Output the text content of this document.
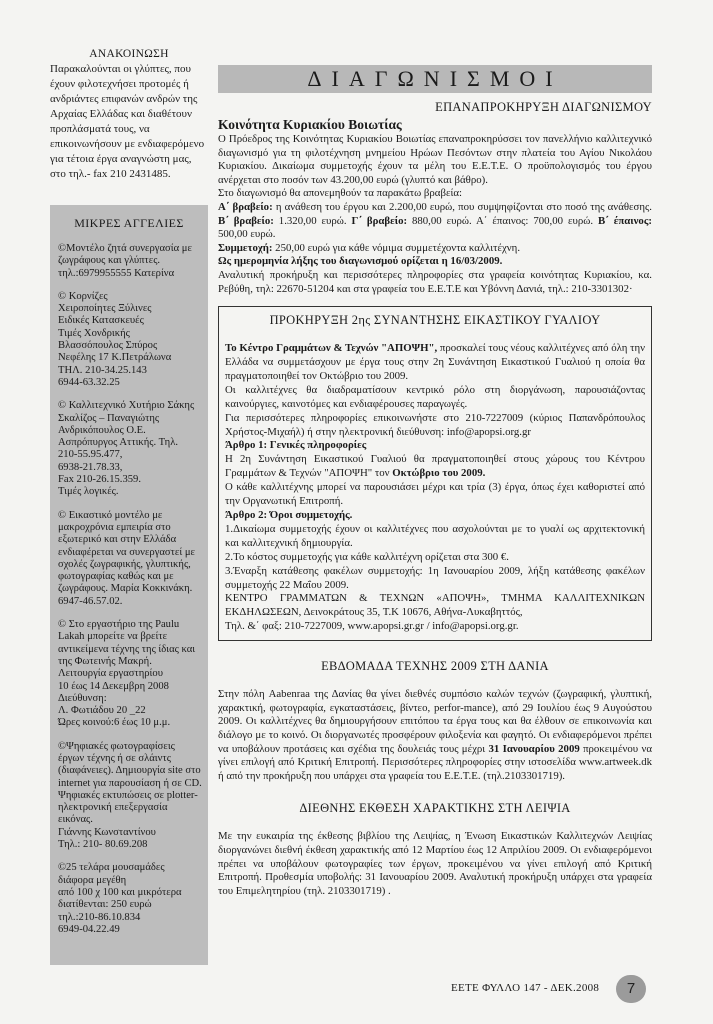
ΑΝΑΚΟΙΝΩΣΗ

Παρακαλούνται οι γλύπτες, που έχουν φιλοτεχνήσει προτομές ή ανδριάντες επιφανών ανδρών της Αρχαίας Ελλάδας και διαθέτουν προπλάσματά τους, να επικοινωνήσουν με ενδιαφερόμενο για τέτοια έργα αναγνώστη μας, στο τηλ.- fax 210 2431485.

ΜΙΚΡΕΣ ΑΓΓΕΛΙΕΣ

©Μοντέλο ζητά συνεργασία με ζωγράφους και γλύπτες. τηλ.:6979955555 Κατερίνα

© Κορνίζες

Χειροποίητες Ξύλινες

Ειδικές Κατασκευές

Τιμές Χονδρικής

Βλασσόπουλος Σπύρος

Νεφέλης 17 Κ.Πετράλωνα

ΤΗΛ. 210-34.25.143

6944-63.32.25

© Καλλιτεχνικό Χυτήριο Σάκης Σκαλίζος – Παναγιώτης Ανδρικόπουλος Ο.Ε.

Ασπρόπυργος Αττικής. Τηλ.

210-55.95.477,

6938-21.78.33,

Fax 210-26.15.359.

Τιμές λογικές.

© Εικαστικό μοντέλο με μακροχρόνια εμπειρία στο εξωτερικό και στην Ελλάδα ενδιαφέρεται να συνεργαστεί με σχολές ζωγραφικής, γλυπτικής, φωτογραφίας καθώς και με ζωγράφους. Μαρία Κοκκινάκη.

6947-46.57.02.

© Στο εργαστήριο της Paulu Lakah μπορείτε να βρείτε αντικείμενα τέχνης της ίδιας και της Φωτεινής Μακρή.

Λειτουργία εργαστηρίου

10 έως 14 Δεκεμβρη 2008

Διεύθυνση:

Λ. Φωτιάδου 20 _22

Ώρες κοινού:6 έως 10 μ.μ.

©Ψηφιακές φωτογραφίσεις έργων τέχνης ή σε σλάιντς (διαφάνειες). Δημιουργία site στο internet για παρουσίαση ή σε CD. Ψηφιακές εκτυπώσεις σε plotter- ηλεκτρονική επεξεργασία εικόνας.

Γιάννης Κωνσταντίνου

Τηλ.: 210- 80.69.208

©25 τελάρα μουσαμάδες διάφορα μεγέθη

από 100 χ 100 και μικρότερα διατίθενται: 250 ευρώ

τηλ.:210-86.10.834

6949-04.22.49

ΔΙΑΓΩΝΙΣΜΟΙ
ΕΠΑΝΑΠΡΟΚΗΡΥΞΗ ΔΙΑΓΩΝΙΣΜΟΥ
Κοινότητα Κυριακίου Βοιωτίας

Ο Πρόεδρος της Κοινότητας Κυριακίου Βοιωτίας επαναπροκηρύσσει τον πανελλήνιο καλλιτεχνικό διαγωνισμό για τη φιλοτέχνηση μνημείου Ηρώων Πεσόντων στην πλατεία του Αγίου Νικολάου Κυριακίου. Δικαίωμα συμμετοχής έχουν τα μέλη του Ε.Ε.Τ.Ε. Ο προϋπολογισμός του έργου ανέρχεται στο ποσόν των 43.200,00 ευρώ (γλυπτό και βάθρο).

Στο διαγωνισμό θα απονεμηθούν τα παρακάτω βραβεία:

Α΄ βραβείο: η ανάθεση του έργου και 2.200,00 ευρώ, που συμψηφίζονται στο ποσό της ανάθεσης. Β΄ βραβείο: 1.320,00 ευρώ. Γ΄ βραβείο: 880,00 ευρώ. Α΄ έπαινος: 700,00 ευρώ. Β΄ έπαινος: 500,00 ευρώ.

Συμμετοχή: 250,00 ευρώ για κάθε νόμιμα συμμετέχοντα καλλιτέχνη.

Ως ημερομηνία λήξης του διαγωνισμού ορίζεται η 16/03/2009.

Αναλυτική προκήρυξη και περισσότερες πληροφορίες στα γραφεία κοινότητας Κυριακίου, κα. Ρεβύθη, τηλ: 22670-51204 και στα γραφεία του Ε.Ε.Τ.Ε και Υβόννη Δανιά, τηλ.: 210-3301302·

ΠΡΟΚΗΡΥΞΗ 2ης ΣΥΝΑΝΤΗΣΗΣ ΕΙΚΑΣΤΙΚΟΥ ΓΥΑΛΙΟΥ

Το Κέντρο Γραμμάτων & Τεχνών "ΑΠΟΨΗ", προσκαλεί τους νέους καλλιτέχνες από όλη την Ελλάδα να συμμετάσχουν με έργα τους στην 2η Συνάντηση Εικαστικού Γυαλιού η οποία θα πραγματοποιηθεί τον Οκτώβριο του 2009.

Οι καλλιτέχνες θα διαδραματίσουν κεντρικό ρόλο στη διοργάνωση, παρουσιάζοντας καινούργιες, καινοτόμες και ενδιαφέρουσες παραγωγές.

Για περισσότερες πληροφορίες επικοινωνήστε στο 210-7227009 (κύριος Παπανδρόπουλος Χρήστος-Μιχαήλ) ή στην ηλεκτρονική διεύθυνση: info@apopsi.org.gr

Άρθρο 1: Γενικές πληροφορίες

Η 2η Συνάντηση Εικαστικού Γυαλιού θα πραγματοποιηθεί στους χώρους του Κέντρου Γραμμάτων & Τεχνών "ΑΠΟΨΗ" τον Οκτώβριο του 2009.

Ο κάθε καλλιτέχνης μπορεί να παρουσιάσει μέχρι και τρία (3) έργα, όπως έχει καθοριστεί από την Οργανωτική Επιτροπή.

Άρθρο 2: Όροι συμμετοχής.

1.Δικαίωμα συμμετοχής έχουν οι καλλιτέχνες που ασχολούνται με το γυαλί ως αρχιτεκτονική και καλλιτεχνική δημιουργία.

2.Το κόστος συμμετοχής για κάθε καλλιτέχνη ορίζεται στα 300 €.

3.Έναρξη κατάθεσης φακέλων συμμετοχής: 1η Ιανουαρίου 2009, λήξη κατάθεσης φακέλων συμμετοχής 22 Μαΐου 2009.

ΚΕΝΤΡΟ ΓΡΑΜΜΑΤΩΝ & ΤΕΧΝΩΝ «ΑΠΟΨΗ», ΤΜΗΜΑ ΚΑΛΛΙΤΕΧΝΙΚΩΝ ΕΚΔΗΛΩΣΕΩΝ, Δεινοκράτους 35, Τ.Κ 10676, Αθήνα-Λυκαβηττός,

Τηλ. &΄ φαξ: 210-7227009, www.apopsi.gr.gr / info@apopsi.org.gr.

ΕΒΔΟΜΑΔΑ ΤΕΧΝΗΣ 2009 ΣΤΗ ΔΑΝΙΑ

Στην πόλη Aabenraa της Δανίας θα γίνει διεθνές συμπόσιο καλών τεχνών (ζωγραφική, γλυπτική, χαρακτική, φωτογραφία, εγκαταστάσεις, βίντεο, perfor-mance), από 29 Ιουλίου έως 9 Αυγούστου 2009. Οι καλλιτέχνες θα δημιουργήσουν επιτόπου τα έργα τους και θα έλθουν σε επικοινωνία και διάλογο με το κοινό. Οι διοργανωτές προσφέρουν φιλοξενία και φαγητό. Οι ενδιαφερόμενοι πρέπει να υποβάλουν προτάσεις και σχέδια της δουλειάς τους μέχρι 31 Ιανουαρίου 2009 προκειμένου να γίνει επιλογή από Κριτική Επιτροπή. Περισσότερες πληροφορίες στην ιστοσελίδα www.artweek.dk ή από την προκήρυξη που υπάρχει στα γραφεία του Ε.Ε.Τ.Ε. (τηλ.2103301719).

ΔΙΕΘΝΗΣ ΕΚΘΕΣΗ ΧΑΡΑΚΤΙΚΗΣ ΣΤΗ ΛΕΙΨΙΑ

Με την ευκαιρία της έκθεσης βιβλίου της Λειψίας, η Ένωση Εικαστικών Καλλιτεχνών Λειψίας διοργανώνει διεθνή έκθεση χαρακτικής από 12 Μαρτίου έως 12 Απριλίου 2009. Οι ενδιαφερόμενοι πρέπει να υποβάλουν φωτογραφίες των έργων, προκειμένου να γίνει επιλογή από Κριτική Επιτροπή. Προθεσμία υποβολής: 31 Ιανουαρίου 2009. Αναλυτική προκήρυξη υπάρχει στα γραφεία του Επιμελητηρίου (τηλ. 2103301719) .

ΕΕΤΕ ΦΥΛΛΟ 147 - ΔΕΚ.2008	7
